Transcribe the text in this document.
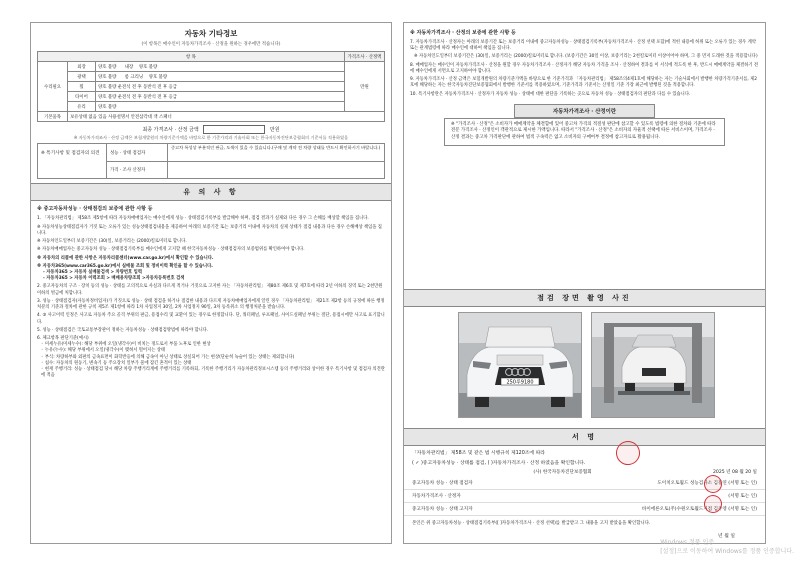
자동차 기타정보
(이 항목은 매수인이 자동차가격조사 · 산정을 원하는 경우에만 적습니다)
항 목			가격조사 · 산정액
수리필요	외장	양호 불량 내장 양호 불량	만원
	광택	양호 불량 룸 크리닝 양호 불량	
	휠	양호 불량 운전석 전 후 동반석 전 후 응급	
	타이어	양호 불량 운전석 전 후 동반석 전 후 응급	
	유리	양호 불량	
기본품목	보유상태 없음 있음 사용설명서 안전삼각대 잭 스패너		
최종 가격조사 · 산정 금액	만원
※ 자동차가격조사 · 산정 금액은 보험개발원의 차량기준가액을 바탕으로 한 기준가격과 기술사회 또는 한국자동차진단보증협회의 기준서를 적용하였음
※ 특기사항 및 점검자의 의견	성능 · 상태 점검자
중고차 특성상 부분적인 판금, 도색이 있을 수 있습니다.(구매 및 계약 전 차량 상태를 반드시 확인하시기 바랍니다.)
가격 · 조사 산정자
유 의 사 항
※ 중고자동차성능 · 상태점검의 보증에 관한 사항 등
1. 「자동차관리법」 제58조 제5항에 따라 자동차매매업자는 매수인에게 성능 · 상태점검기록부를 발급해야 하며, 점검 결과가 실제와 다른 경우 그 손해를 배상할 책임을 집니다.
※ 자동차성능상태점검자가 거짓 또는 오류가 있는 성능상태점검내용을 제공하여 아래의 보증기간 또는 보증거리 이내에 자동차의 실제 상태가 점검 내용과 다른 경우 손해배상 책임을 집니다.
※ 자동차인도일부터 보증기간은 (30)일, 보증거리는 (2000)킬로미터로 합니다.
※ 자동차매매업자는 중고자동차 성능 · 상태점검기록부를 매수인에게 고지할 때 한국자동차성능 · 상태점검자의 보증범위를 확인하여야 합니다.
※ 자동차의 리콜에 관한 사항은 자동차리콜센터(www.car.go.kr)에서 확인할 수 있습니다.
※ 자동차365(www.car365.go.kr)에서 실매물 조회 및 정비이력 확인을 할 수 있습니다.
- 자동차365 > 자동차 실매물검색 > 차량번호 입력
- 자동차365 > 자동차 이력조회 > 매매용차량조회 >자동차등록번호 검색
2. 중고자동차의 구조 · 장치 등의 성능 · 상태를 고의적으로 사실과 다르게 적거나 거짓으로 고지한 자는 「자동차관리법」 제80조 제6호 및 제7호에 따라 2년 이하의 징역 또는 2천만원 이하의 벌금에 처합니다.
3. 성능 · 상태점검자(자동차정비업자)가 거짓으로 성능 · 상태 점검을 하거나 점검한 내용과 다르게 자동차매매업자에게 알린 경우 「자동차관리법」 제21조 제2항 등의 규정에 따른 행정처분의 기준과 절차에 관한 규칙 제5조 제1항에 따라 1차 사업정지 30일, 2차 사업정지 90일, 3차 등록취소 의 행정처분을 받습니다.
4. ⑤ 사고이력 인정은 사고로 자동차 주요 골격 부위의 판금, 용접수리 및 교환이 있는 경우로 한정합니다. 단, 쿼터패널, 루프패널, 사이드실패널 부위는 절단, 용접시에만 사고로 표기합니다.
5. 성능 · 상태점검은 국토교통부장관이 정하는 자동차성능 · 상태점검방법에 따라야 합니다.
6. 체크항목 판단기준(예시)
◦ 미세누유(미세누수): 해당 부위에 오일(냉각수)이 비치는 정도로서 부품 노후로 인한 현상
◦ 누유(누수): 해당 부위에서 오일(냉각수)이 맺혀서 떨어지는 상태
◦ 부식: 차량하부와 외판의 금속표면이 화학반응에 의해 금속이 아닌 상태로 상실되어 가는 현상(단순히 녹슬어 있는 상태는 제외합니다)
◦ 침수: 자동차의 원동기, 변속기 등 주요장치 일부가 물에 잠긴 흔적이 있는 상태
◦ 현재 주행거리: 성능 · 상태점검 당시 해당 차량 주행거리계에 주행거리를 기록하되, 기록한 주행거리가 자동차관리정보시스템 등의 주행거리와 상이한 경우 특기사항 및 점검자 의견란에 적음
※ 자동차가격조사 · 산정의 보증에 관한 사항 등
7. 자동차가격조사 · 산정자는 아래의 보증기간 또는 보증거리 이내에 중고자동차성능 · 상태점검기록부(자동차가격조사 · 산정 선택 포함)에 적힌 내용에 허위 또는 오류가 있는 경우 계약 또는 관계법령에 따라 매수인에 대하여 책임을 집니다.
※ 자동차인도일부터 보증기간은 (30)일, 보증거리는 (2000)킬로미터로 합니다. (보증기간은 30일 이상, 보증거리는 2천킬로미터 이상이어야 하며, 그 중 먼저 도래한 것을 적용합니다)
8. 매매업자는 매수인이 자동차가격조사 · 산정을 원할 경우 자동차가격조사 · 산정자가 해당 자동차 가격을 조사 · 산정하여 결과를 이 서식에 적도록 한 후, 반드시 매매계약을 체결하기 전에 매수인에게 서면으로 고지하여야 합니다.
9. 자동차가격조사 · 산정 금액은 보험개발원의 차량기준가액을 바탕으로 한 기준가격과 「자동차관리법」 제58조의4제1호에 해당하는 자는 기술사회에서 발행한 차량가격기준서를, 제2호에 해당하는 자는 한국자동차진단보증협회에서 발행한 기준서를 적용하였으며, 기준가격과 기준서는 산정일 기준 가장 최근에 발행된 것을 적용합니다.
10. 특기사항란은 자동차가격조사 · 산정자가 자동차 성능 · 상태에 대한 판단을 기록하는 곳으로 자동차 성능 · 상태점검자의 판단과 다를 수 있습니다.
자동차가격조사 · 산정이란
※ "가격조사 · 산정"은 소비자가 매매계약을 체결함에 있어 중고차 가격의 적절성 판단에 참고할 수 있도록 법령에 의한 절차와 기준에 따라 전문 가격조사 · 산정인이 객관적으로 제시한 가액입니다. 따라서 "가격조사 · 산정"은 소비자의 자율적 선택에 따른 서비스이며, 가격조사 · 산정 결과는 중고차 가격판단에 관하여 법적 구속력은 없고 소비자의 구매여부 결정에 참고자료로 활용됩니다.
점검 장면 촬영 사진
250루9180
서 명
「자동차관리법」 제58조 및 같은 법 시행규칙 제120조에 따라
( ✓ )중고자동차성능 · 상태를 점검, ( )자동차가격조사 · 산정 하였음을 확인합니다.
(사) 한국자동차진단보증협회	2025 년 08 월 20 일
중고자동차 성능 · 상태 점검자	도이치오토월드 성능검사소 김흥연 (서명 또는 인)
자동차가격조사 · 산정자	(서명 또는 인)
중고자동차 성능 · 상태 고지자	바이에른오토(주)수원오토월드지점 김주영 (서명 또는 인)
본인은 위 중고자동차성능 · 상태점검기록부([ ]자동차가격조사 · 산정 선택)를 발급받고 그 내용을 고지 받았음을 확인합니다.
년 월 일
Windows 정품 인증
[설정]으로 이동하여 Windows를 정품 인증합니다.
